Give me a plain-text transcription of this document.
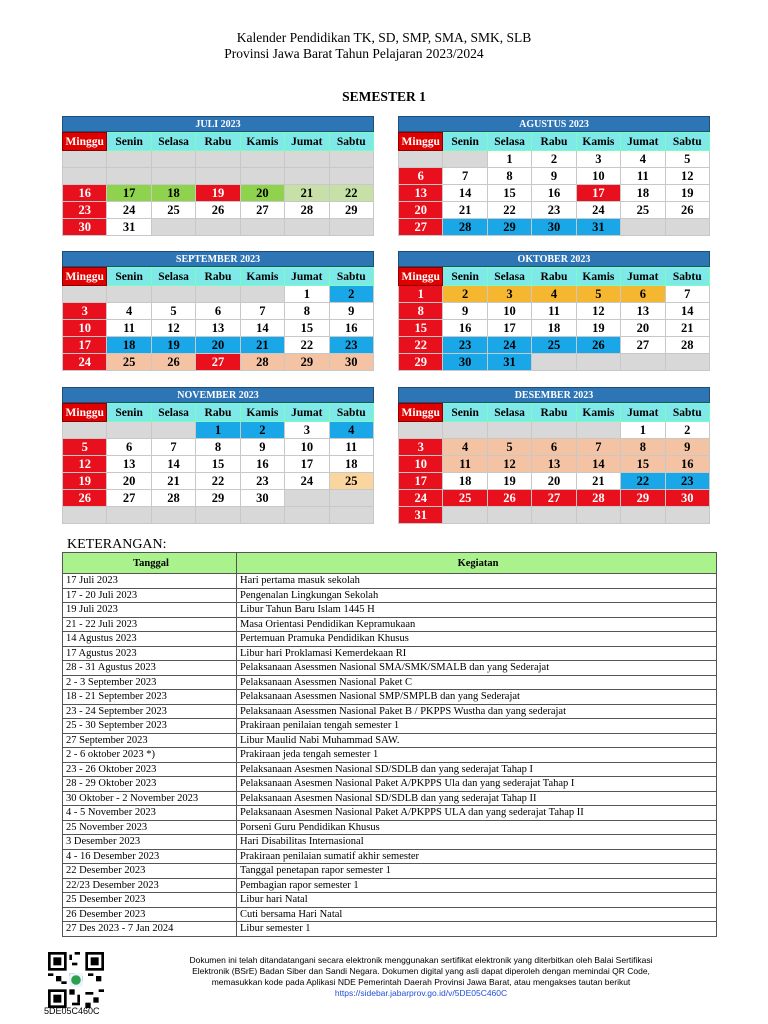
Kalender Pendidikan TK, SD, SMP, SMA, SMK, SLB
Provinsi Jawa Barat Tahun Pelajaran 2023/2024
SEMESTER 1
JULI 2023
Minggu	Senin	Selasa	Rabu	Kamis	Jumat	Sabtu

16	17	18	19	20	21	22
23	24	25	26	27	28	29
30	31					
AGUSTUS 2023
Minggu	Senin	Selasa	Rabu	Kamis	Jumat	Sabtu
		1	2	3	4	5
6	7	8	9	10	11	12
13	14	15	16	17	18	19
20	21	22	23	24	25	26
27	28	29	30	31		
SEPTEMBER 2023
Minggu	Senin	Selasa	Rabu	Kamis	Jumat	Sabtu
					1	2
3	4	5	6	7	8	9
10	11	12	13	14	15	16
17	18	19	20	21	22	23
24	25	26	27	28	29	30
OKTOBER 2023
Minggu	Senin	Selasa	Rabu	Kamis	Jumat	Sabtu
1	2	3	4	5	6	7
8	9	10	11	12	13	14
15	16	17	18	19	20	21
22	23	24	25	26	27	28
29	30	31				
NOVEMBER 2023
Minggu	Senin	Selasa	Rabu	Kamis	Jumat	Sabtu
			1	2	3	4
5	6	7	8	9	10	11
12	13	14	15	16	17	18
19	20	21	22	23	24	25
26	27	28	29	30		

DESEMBER 2023
Minggu	Senin	Selasa	Rabu	Kamis	Jumat	Sabtu
					1	2
3	4	5	6	7	8	9
10	11	12	13	14	15	16
17	18	19	20	21	22	23
24	25	26	27	28	29	30
31						
KETERANGAN:
Tanggal	Kegiatan
17 Juli 2023	Hari pertama masuk sekolah
17 - 20 Juli 2023	Pengenalan Lingkungan Sekolah
19 Juli 2023	Libur Tahun Baru Islam 1445 H
21 - 22 Juli 2023	Masa Orientasi Pendidikan Kepramukaan
14 Agustus 2023	Pertemuan Pramuka Pendidikan Khusus
17 Agustus 2023	Libur hari Proklamasi Kemerdekaan RI
28 - 31 Agustus 2023	Pelaksanaan Asessmen Nasional SMA/SMK/SMALB dan yang Sederajat
2 - 3 September 2023	Pelaksanaan Asessmen Nasional Paket C
18 - 21 September 2023	Pelaksanaan Asessmen Nasional SMP/SMPLB dan yang Sederajat
23 - 24 September 2023	Pelaksanaan Asessmen Nasional Paket B / PKPPS Wustha dan yang sederajat
25 - 30 September 2023	Prakiraan penilaian tengah semester 1
27 September 2023	Libur Maulid Nabi Muhammad SAW.
2 - 6 oktober 2023 *)	Prakiraan jeda tengah semester 1
23 - 26 Oktober 2023	Pelaksanaan Asesmen Nasional SD/SDLB dan yang sederajat Tahap I
28 - 29 Oktober 2023	Pelaksanaan Asesmen Nasional Paket A/PKPPS Ula dan yang sederajat Tahap I
30 Oktober - 2 November 2023	Pelaksanaan Asesmen Nasional SD/SDLB dan yang sederajat Tahap II
4 - 5 November 2023	Pelaksanaan Asesmen Nasional Paket A/PKPPS ULA dan yang sederajat Tahap II
25 November 2023	Porseni Guru Pendidikan Khusus
3 Desember 2023	Hari Disabilitas Internasional
4 - 16 Desember 2023	Prakiraan penilaian sumatif akhir semester
22 Desember 2023	Tanggal penetapan rapor semester 1
22/23 Desember 2023	Pembagian rapor semester 1
25 Desember 2023	Libur hari Natal
26 Desember 2023	Cuti bersama Hari Natal
27 Des 2023 - 7 Jan 2024	Libur semester 1
5DE05C460C
Dokumen ini telah ditandatangani secara elektronik menggunakan sertifikat elektronik yang diterbitkan oleh Balai Sertifikasi
Elektronik (BSrE) Badan Siber dan Sandi Negara. Dokumen digital yang asli dapat diperoleh dengan memindai QR Code,
memasukkan kode pada Aplikasi NDE Pemerintah Daerah Provinsi Jawa Barat, atau mengakses tautan berikut
https://sidebar.jabarprov.go.id/v/5DE05C460C
